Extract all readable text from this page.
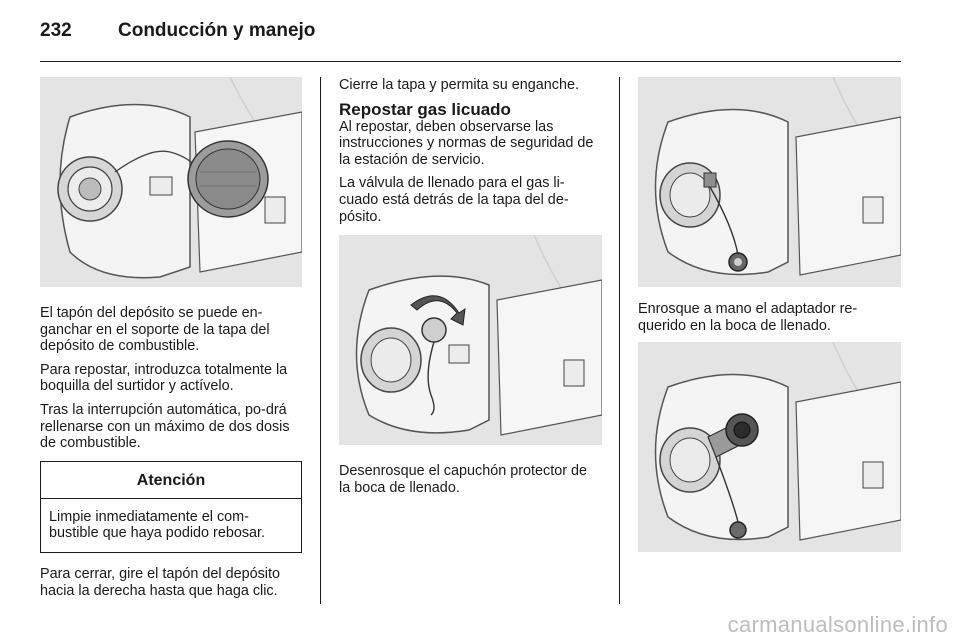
232	Conducción y manejo

El tapón del depósito se puede en-ganchar en el soporte de la tapa del depósito de combustible.

Para repostar, introduzca totalmente la boquilla del surtidor y actívelo.

Tras la interrupción automática, po-drá rellenarse con un máximo de dos dosis de combustible.

Atención
Limpie inmediatamente el com-bustible que haya podido rebosar.

Para cerrar, gire el tapón del depósito hacia la derecha hasta que haga clic.

Cierre la tapa y permita su enganche.

Repostar gas licuado

Al repostar, deben observarse las instrucciones y normas de seguridad de la estación de servicio.

La válvula de llenado para el gas li-cuado está detrás de la tapa del de-pósito.

Desenrosque el capuchón protector de la boca de llenado.

Enrosque a mano el adaptador re-querido en la boca de llenado.

carmanualsonline.info
